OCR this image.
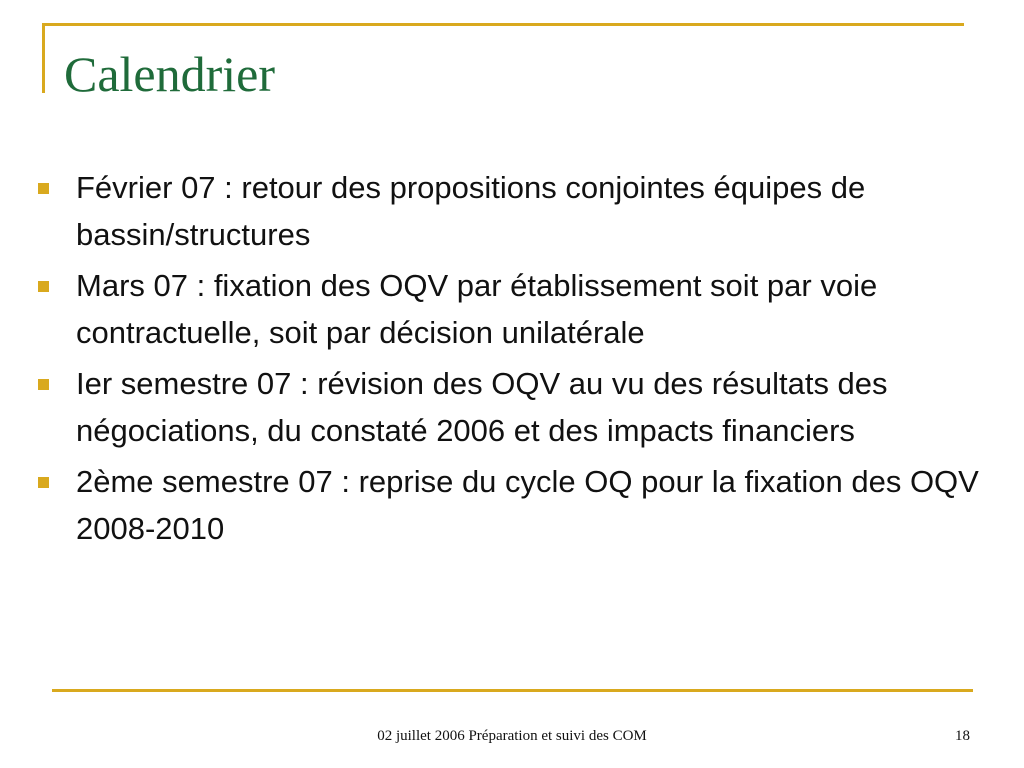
Calendrier
Février 07 : retour des propositions conjointes équipes de bassin/structures
Mars 07 : fixation des OQV par établissement soit par voie contractuelle, soit par décision unilatérale
Ier semestre 07 : révision des OQV au vu des résultats des négociations, du constaté 2006 et des impacts financiers
2ème semestre 07 : reprise du cycle OQ pour la fixation des OQV 2008-2010
02 juillet 2006 Préparation et suivi des COM	18
